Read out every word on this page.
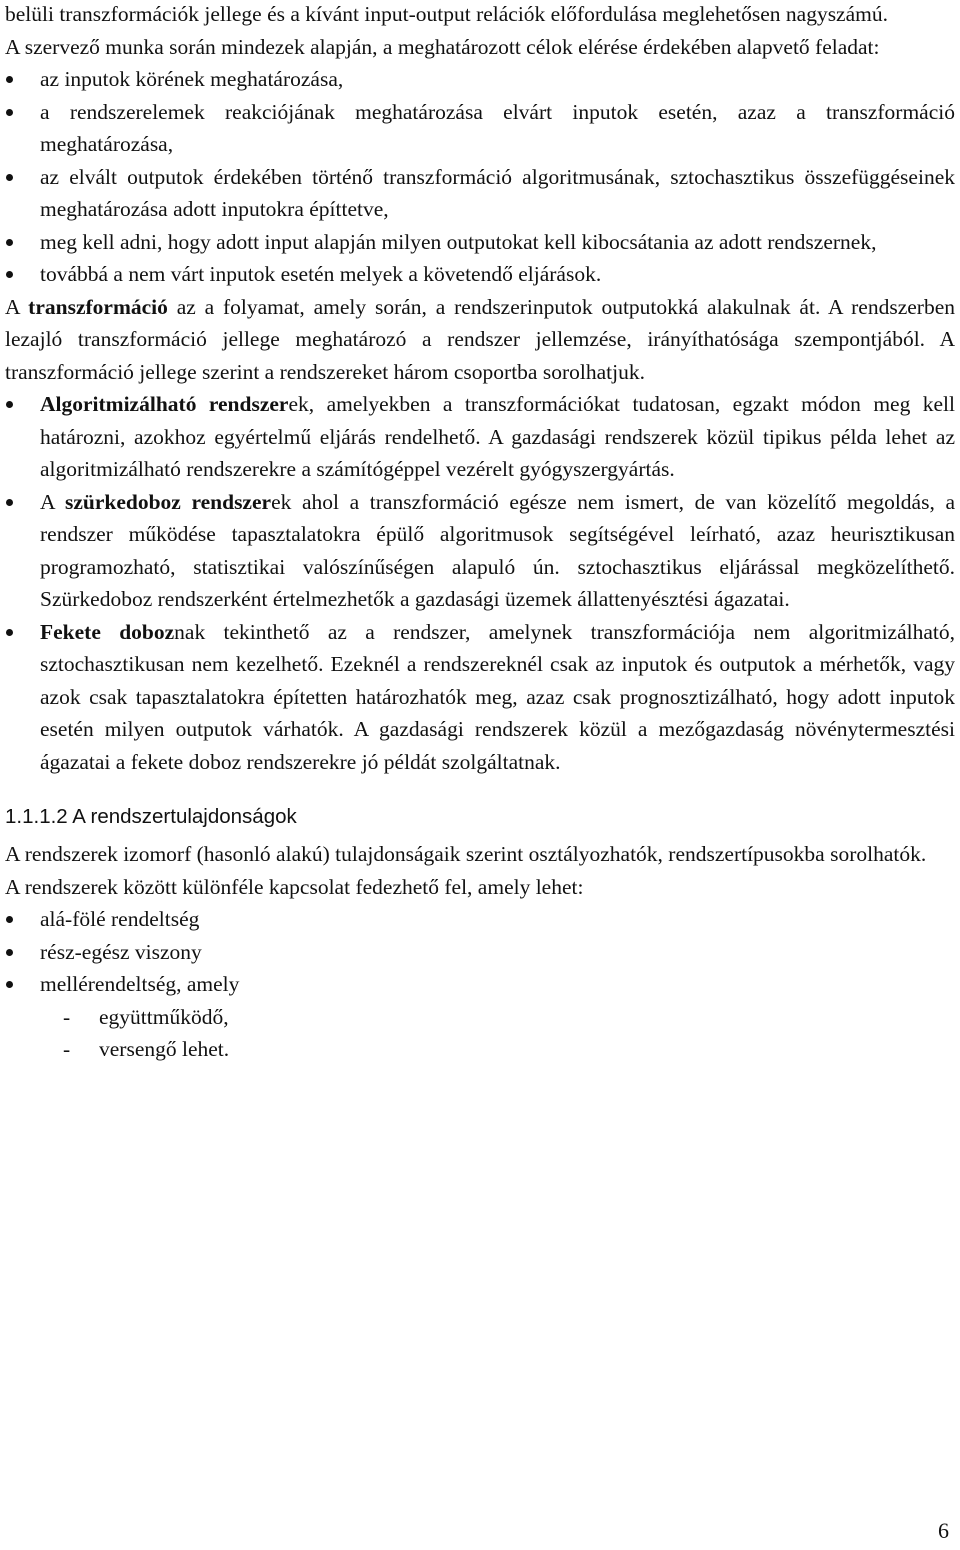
belüli transzformációk jellege és a kívánt input-output relációk előfordulása meglehetősen nagyszámú.

A szervező munka során mindezek alapján, a meghatározott célok elérése érdekében alapvető feladat:

az inputok körének meghatározása,
a rendszerelemek reakciójának meghatározása elvárt inputok esetén, azaz a transzformáció meghatározása,
az elvált outputok érdekében történő transzformáció algoritmusának, sztochasztikus összefüggéseinek meghatározása adott inputokra építtetve,
meg kell adni, hogy adott input alapján milyen outputokat kell kibocsátania az adott rendszernek,
továbbá a nem várt inputok esetén melyek a követendő eljárások.

A transzformáció az a folyamat, amely során, a rendszerinputok outputokká alakulnak át. A rendszerben lezajló transzformáció jellege meghatározó a rendszer jellemzése, irányíthatósága szempontjából. A transzformáció jellege szerint a rendszereket három csoportba sorolhatjuk.

Algoritmizálható rendszerek, amelyekben a transzformációkat tudatosan, egzakt módon meg kell határozni, azokhoz egyértelmű eljárás rendelhető. A gazdasági rendszerek közül tipikus példa lehet az algoritmizálható rendszerekre a számítógéppel vezérelt gyógyszergyártás.
A szürkedoboz rendszerek ahol a transzformáció egésze nem ismert, de van közelítő megoldás, a rendszer működése tapasztalatokra épülő algoritmusok segítségével leírható, azaz heurisztikusan programozható, statisztikai valószínűségen alapuló ún. sztochasztikus eljárással megközelíthető. Szürkedoboz rendszerként értelmezhetők a gazdasági üzemek állattenyésztési ágazatai.
Fekete doboznak tekinthető az a rendszer, amelynek transzformációja nem algoritmizálható, sztochasztikusan nem kezelhető. Ezeknél a rendszereknél csak az inputok és outputok a mérhetők, vagy azok csak tapasztalatokra építetten határozhatók meg, azaz csak prognosztizálható, hogy adott inputok esetén milyen outputok várhatók. A gazdasági rendszerek közül a mezőgazdaság növénytermesztési ágazatai a fekete doboz rendszerekre jó példát szolgáltatnak.
1.1.1.2 A rendszertulajdonságok

A rendszerek izomorf (hasonló alakú) tulajdonságaik szerint osztályozhatók, rendszertípusokba sorolhatók.

A rendszerek között különféle kapcsolat fedezhető fel, amely lehet:

alá-fölé rendeltség
rész-egész viszony
mellérendeltség, amely
- együttműködő,
- versengő lehet.
6
